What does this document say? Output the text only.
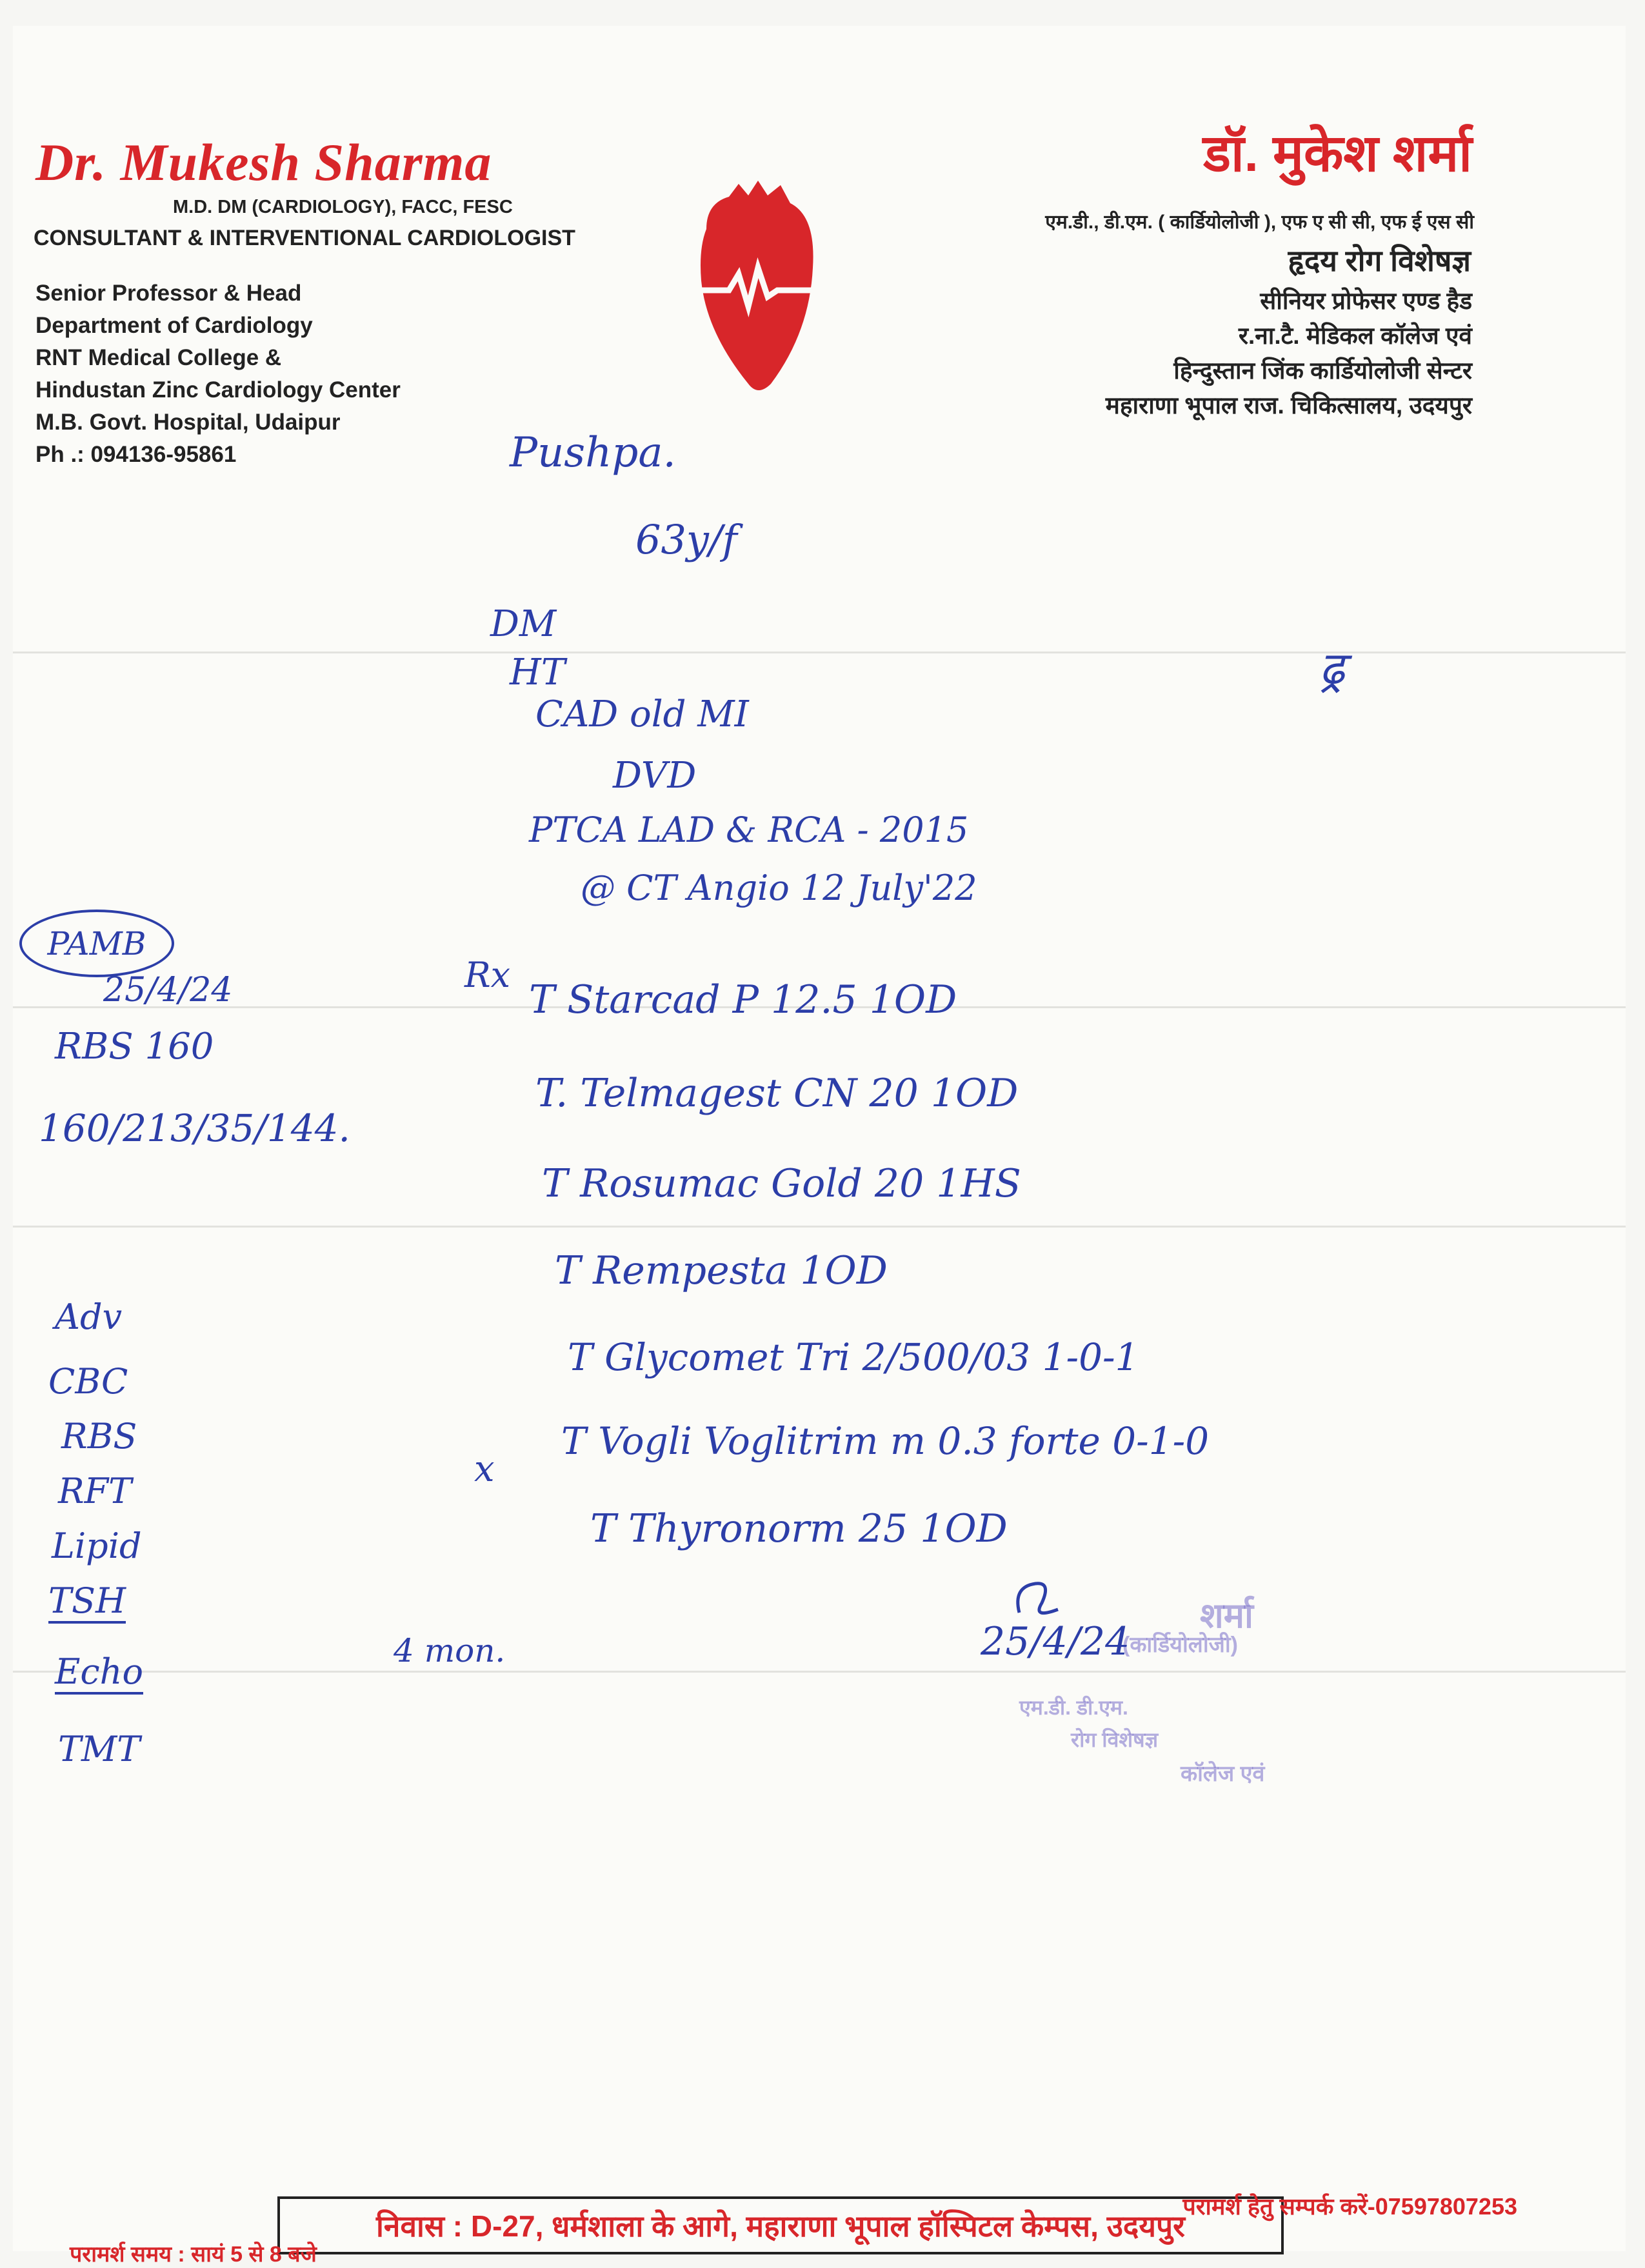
Dr. Mukesh Sharma
M.D. DM (CARDIOLOGY), FACC, FESC
CONSULTANT & INTERVENTIONAL CARDIOLOGIST
Senior Professor & Head
Department of Cardiology
RNT Medical College &
Hindustan Zinc Cardiology Center
M.B. Govt. Hospital, Udaipur
Ph .: 094136-95861
डॉ. मुकेश शर्मा
एम.डी., डी.एम. ( कार्डियोलोजी ), एफ ए सी सी, एफ ई एस सी
हृदय रोग विशेषज्ञ
सीनियर प्रोफेसर एण्ड हैड
र.ना.टै. मेडिकल कॉलेज एवं
हिन्दुस्तान जिंक कार्डियोलोजी सेन्टर
महाराणा भूपाल राज. चिकित्सालय, उदयपुर
Pushpa.
63y/f
DM
HT
CAD old MI
DVD
PTCA LAD & RCA - 2015
@ CT Angio 12 July'22
ढ्र
PAMB
25/4/24
RBS 160
160/213/35/144.
Rx
T Starcad P 12.5 1OD
T. Telmagest CN 20 1OD
T Rosumac Gold 20 1HS
T Rempesta 1OD
T Glycomet Tri 2/500/03 1-0-1
T Vogli Voglitrim m 0.3 forte 0-1-0
T Thyronorm 25 1OD
x
Adv
CBC
RBS
RFT
Lipid
TSH
Echo
TMT
4 mon.
शर्मा
(कार्डियोलोजी)
एम.डी. डी.एम.
रोग विशेषज्ञ
कॉलेज एवं
25/4/24
निवास : D-27, धर्मशाला के आगे, महाराणा भूपाल हॉस्पिटल केम्पस, उदयपुर
परामर्श हेतु सम्पर्क करें-07597807253
परामर्श समय : सायं 5 से 8 बजे
